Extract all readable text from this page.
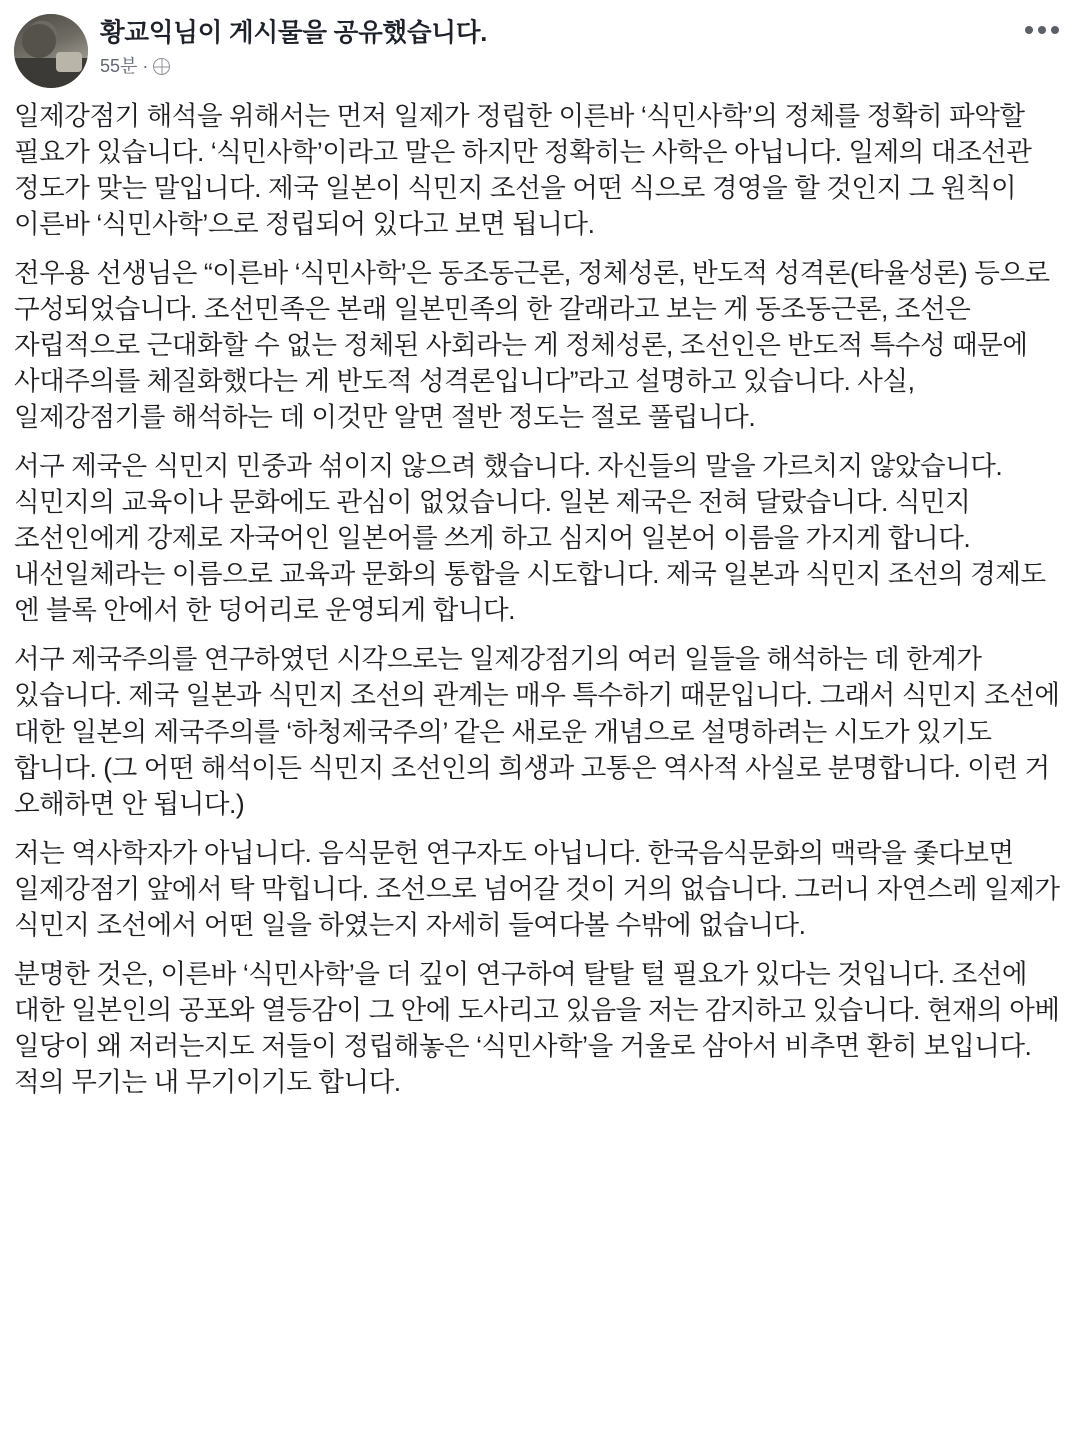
황교익님이 게시물을 공유했습니다.
55분 ·

일제강점기 해석을 위해서는 먼저 일제가 정립한 이른바 ‘식민사학’의 정체를 정확히 파악할 필요가 있습니다. ‘식민사학’이라고 말은 하지만 정확히는 사학은 아닙니다. 일제의 대조선관 정도가 맞는 말입니다. 제국 일본이 식민지 조선을 어떤 식으로 경영을 할 것인지 그 원칙이 이른바 ‘식민사학’으로 정립되어 있다고 보면 됩니다.

전우용 선생님은 “이른바 ‘식민사학’은 동조동근론, 정체성론, 반도적 성격론(타율성론) 등으로 구성되었습니다. 조선민족은 본래 일본민족의 한 갈래라고 보는 게 동조동근론, 조선은 자립적으로 근대화할 수 없는 정체된 사회라는 게 정체성론, 조선인은 반도적 특수성 때문에 사대주의를 체질화했다는 게 반도적 성격론입니다”라고 설명하고 있습니다. 사실, 일제강점기를 해석하는 데 이것만 알면 절반 정도는 절로 풀립니다.

서구 제국은 식민지 민중과 섞이지 않으려 했습니다. 자신들의 말을 가르치지 않았습니다. 식민지의 교육이나 문화에도 관심이 없었습니다. 일본 제국은 전혀 달랐습니다. 식민지 조선인에게 강제로 자국어인 일본어를 쓰게 하고 심지어 일본어 이름을 가지게 합니다. 내선일체라는 이름으로 교육과 문화의 통합을 시도합니다. 제국 일본과 식민지 조선의 경제도 엔 블록 안에서 한 덩어리로 운영되게 합니다.

서구 제국주의를 연구하였던 시각으로는 일제강점기의 여러 일들을 해석하는 데 한계가 있습니다. 제국 일본과 식민지 조선의 관계는 매우 특수하기 때문입니다. 그래서 식민지 조선에 대한 일본의 제국주의를 ‘하청제국주의’ 같은 새로운 개념으로 설명하려는 시도가 있기도 합니다. (그 어떤 해석이든 식민지 조선인의 희생과 고통은 역사적 사실로 분명합니다. 이런 거 오해하면 안 됩니다.)

저는 역사학자가 아닙니다. 음식문헌 연구자도 아닙니다. 한국음식문화의 맥락을 좇다보면 일제강점기 앞에서 탁 막힙니다. 조선으로 넘어갈 것이 거의 없습니다. 그러니 자연스레 일제가 식민지 조선에서 어떤 일을 하였는지 자세히 들여다볼 수밖에 없습니다.

분명한 것은, 이른바 ‘식민사학’을 더 깊이 연구하여 탈탈 털 필요가 있다는 것입니다. 조선에 대한 일본인의 공포와 열등감이 그 안에 도사리고 있음을 저는 감지하고 있습니다. 현재의 아베 일당이 왜 저러는지도 저들이 정립해놓은 ‘식민사학’을 거울로 삼아서 비추면 환히 보입니다. 적의 무기는 내 무기이기도 합니다.
